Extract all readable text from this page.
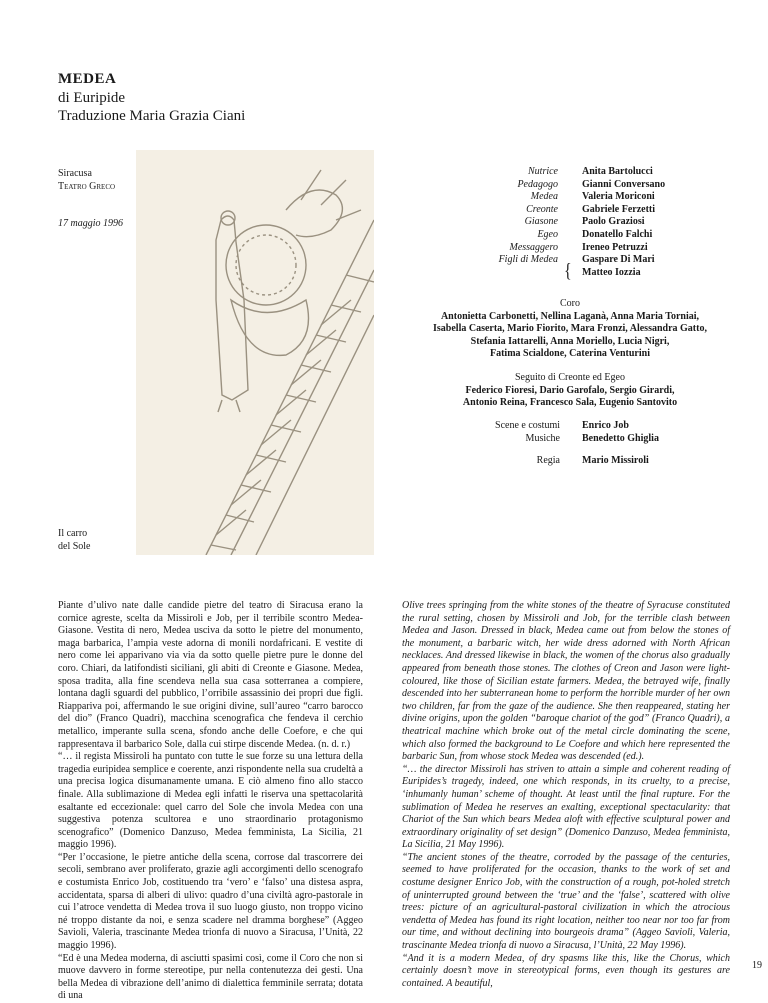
MEDEA
di Euripide
Traduzione Maria Grazia Ciani
Siracusa
Teatro Greco
17 maggio 1996
Nutrice
Pedagogo
Medea
Creonte
Giasone
Egeo
Messaggero
Figli di Medea
{
Anita Bartolucci
Gianni Conversano
Valeria Moriconi
Gabriele Ferzetti
Paolo Graziosi
Donatello Falchi
Ireneo Petruzzi
Gaspare Di Mari
Matteo Iozzia
Coro
Antonietta Carbonetti, Nellina Laganà, Anna Maria Torniai,
Isabella Caserta, Mario Fiorito, Mara Fronzi, Alessandra Gatto,
Stefania Iattarelli, Anna Moriello, Lucia Nigri,
Fatima Scialdone, Caterina Venturini
Seguito di Creonte ed Egeo
Federico Fioresi, Dario Garofalo, Sergio Girardi,
Antonio Reina, Francesco Sala, Eugenio Santovito
Scene e costumi
Musiche
Regia
Enrico Job
Benedetto Ghiglia
Mario Missiroli
Il carro
del Sole

Piante d’ulivo nate dalle candide pietre del teatro di Siracusa erano la cornice agreste, scelta da Missiroli e Job, per il terribile scontro Medea-Giasone. Vestita di nero, Medea usciva da sotto le pietre del monumento, maga barbarica, l’ampia veste adorna di monili nordafricani. E vestite di nero come lei apparivano via via da sotto quelle pietre pure le donne del coro. Chiari, da latifondisti siciliani, gli abiti di Creonte e Giasone. Medea, sposa tradita, alla fine scendeva nella sua casa sotterranea a compiere, lontana dagli sguardi del pubblico, l’orribile assassinio dei propri due figli. Riappariva poi, affermando le sue origini divine, sull’aureo “carro barocco del dio” (Franco Quadri), macchina scenografica che fendeva il cerchio metallico, imperante sulla scena, sfondo anche delle Coefore, e che qui rappresentava il barbarico Sole, dalla cui stirpe discende Medea. (n. d. r.)

“… il regista Missiroli ha puntato con tutte le sue forze su una lettura della tragedia euripidea semplice e coerente, anzi rispondente nella sua crudeltà a una precisa logica disumanamente umana. E ciò almeno fino allo stacco finale. Alla sublimazione di Medea egli infatti le riserva una spettacolarità esaltante ed eccezionale: quel carro del Sole che invola Medea con una suggestiva potenza scultorea e uno straordinario protagonismo scenografico” (Domenico Danzuso, Medea femminista, La Sicilia, 21 maggio 1996).

“Per l’occasione, le pietre antiche della scena, corrose dal trascorrere dei secoli, sembrano aver proliferato, grazie agli accorgimenti dello scenografo e costumista Enrico Job, costituendo tra ‘vero’ e ‘falso’ una distesa aspra, accidentata, sparsa di alberi di ulivo: quadro d’una civiltà agro-pastorale in cui l’atroce vendetta di Medea trova il suo luogo giusto, non troppo vicino né troppo distante da noi, e senza scadere nel dramma borghese” (Aggeo Savioli, Valeria, trascinante Medea trionfa di nuovo a Siracusa, l’Unità, 22 maggio 1996).

“Ed è una Medea moderna, di asciutti spasimi così, come il Coro che non si muove davvero in forme stereotipe, pur nella contenutezza dei gesti. Una bella Medea di vibrazione dell’animo di dialettica femminile serrata; dotata di una

Olive trees springing from the white stones of the theatre of Syracuse constituted the rural setting, chosen by Missiroli and Job, for the terrible clash between Medea and Jason. Dressed in black, Medea came out from below the stones of the monument, a barbaric witch, her wide dress adorned with North African necklaces. And dressed likewise in black, the women of the chorus also gradually appeared from beneath those stones. The clothes of Creon and Jason were light-coloured, like those of Sicilian estate farmers. Medea, the betrayed wife, finally descended into her subterranean home to perform the horrible murder of her own two children, far from the gaze of the audience. She then reappeared, stating her divine origins, upon the golden “baroque chariot of the god” (Franco Quadri), a theatrical machine which broke out of the metal circle dominating the scene, which also formed the background to Le Coefore and which here represented the barbaric Sun, from whose stock Medea was descended (ed.).

“… the director Missiroli has striven to attain a simple and coherent reading of Euripides’s tragedy, indeed, one which responds, in its cruelty, to a precise, ‘inhumanly human’ scheme of thought. At least until the final rupture. For the sublimation of Medea he reserves an exalting, exceptional spectacularity: that Chariot of the Sun which bears Medea aloft with effective sculptural power and extraordinary originality of set design” (Domenico Danzuso, Medea femminista, La Sicilia, 21 May 1996).

“The ancient stones of the theatre, corroded by the passage of the centuries, seemed to have proliferated for the occasion, thanks to the work of set and costume designer Enrico Job, with the construction of a rough, pot-holed stretch of uninterrupted ground between the ‘true’ and the ‘false’, scattered with olive trees: picture of an agricultural-pastoral civilization in which the atrocious vendetta of Medea has found its right location, neither too near nor too far from our time, and without declining into bourgeois drama” (Aggeo Savioli, Valeria, trascinante Medea trionfa di nuovo a Siracusa, l’Unità, 22 May 1996).

“And it is a modern Medea, of dry spasms like this, like the Chorus, which certainly doesn’t move in stereotypical forms, even though its gestures are contained. A beautiful,

19
